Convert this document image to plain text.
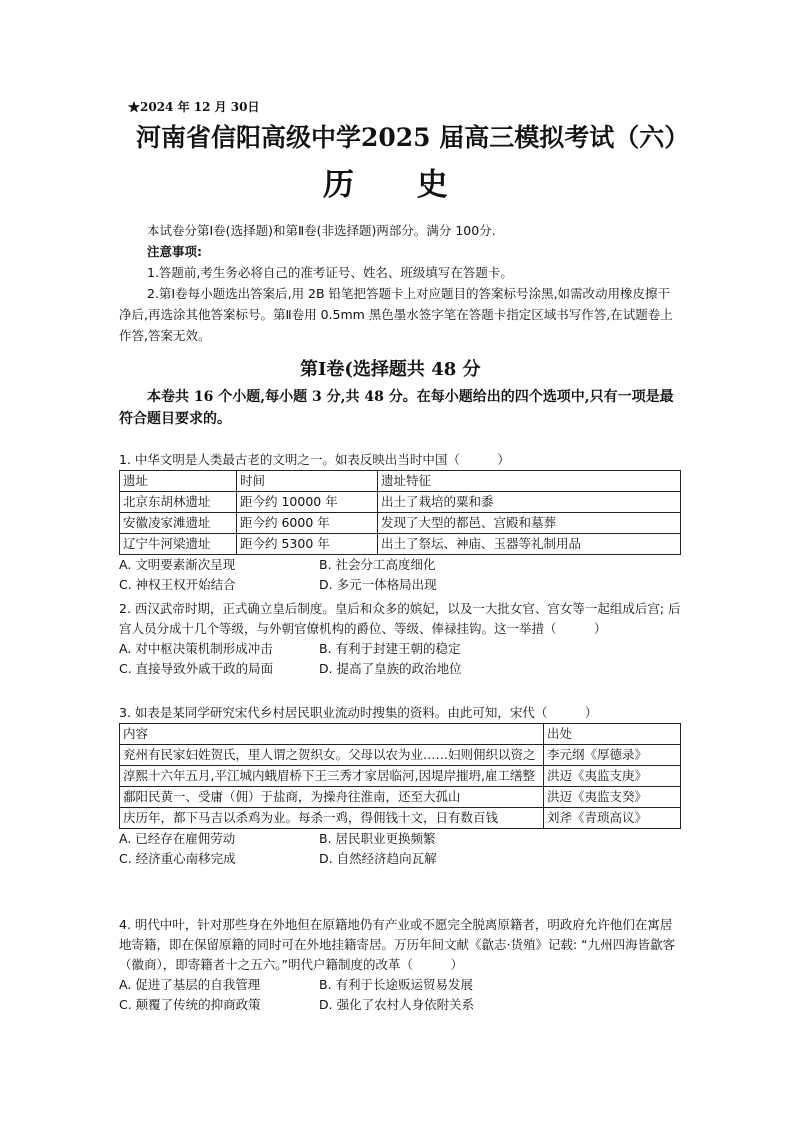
★2024 年 12 月 30日
河南省信阳高级中学2025 届高三模拟考试（六）
历 史

本试卷分第Ⅰ卷(选择题)和第Ⅱ卷(非选择题)两部分。满分 100分.

注意事项:

1.答题前,考生务必将自己的准考证号、姓名、班级填写在答题卡。

2.第Ⅰ卷每小题选出答案后,用 2B 铅笔把答题卡上对应题目的答案标号涂黑,如需改动用橡皮擦干净后,再选涂其他答案标号。第Ⅱ卷用 0.5mm 黑色墨水签字笔在答题卡指定区域书写作答,在试题卷上作答,答案无效。

第Ⅰ卷(选择题共 48 分
本卷共 16 个小题,每小题 3 分,共 48 分。在每小题给出的四个选项中,只有一项是最符合题目要求的。

1. 中华文明是人类最古老的文明之一。如表反映出当时中国（　　　）

遗址	时间	遗址特征
北京东胡林遗址	距今约 10000 年	出土了栽培的粟和黍
安徽凌家滩遗址	距今约 6000 年	发现了大型的都邑、宫殿和墓葬
辽宁牛河梁遗址	距今约 5300 年	出土了祭坛、神庙、玉器等礼制用品
A. 文明要素渐次呈现	B. 社会分工高度细化
C. 神权王权开始结合	D. 多元一体格局出现

2. 西汉武帝时期，正式确立皇后制度。皇后和众多的嫔妃，以及一大批女官、宫女等一起组成后宫; 后宫人员分成十几个等级，与外朝官僚机构的爵位、等级、俸禄挂钩。这一举措（　　　）

A. 对中枢决策机制形成冲击	B. 有利于封建王朝的稳定
C. 直接导致外戚干政的局面	D. 提高了皇族的政治地位

3. 如表是某同学研究宋代乡村居民职业流动时搜集的资料。由此可知，宋代（　　　）

内容	出处
兖州有民家妇姓贺氏，里人谓之贺织女。父母以农为业……妇则佣织以资之	李元纲《厚德录》
淳熙十六年五月,平江城内蛾眉桥下王三秀才家居临河,因堤岸摧坍,雇工缮整	洪迈《夷监支庚》
鄱阳民黄一、受庸（佣）于盐商，为操舟往淮南，还至大孤山	洪迈《夷监支癸》
庆历年，都下马吉以杀鸡为业。每杀一鸡，得佣钱十文，日有数百钱	刘斧《青琐高议》
A. 已经存在雇佣劳动	B. 居民职业更换频繁
C. 经济重心南移完成	D. 自然经济趋向瓦解

4. 明代中叶，针对那些身在外地但在原籍地仍有产业或不愿完全脱离原籍者，明政府允许他们在寓居地寄籍，即在保留原籍的同时可在外地挂籍寄居。万历年间文献《歙志·货殖》记载: “九州四海皆歙客（徽商），即寄籍者十之五六。”明代户籍制度的改革（　　　）

A. 促进了基层的自我管理	B. 有利于长途贩运贸易发展
C. 颠覆了传统的抑商政策	D. 强化了农村人身依附关系
